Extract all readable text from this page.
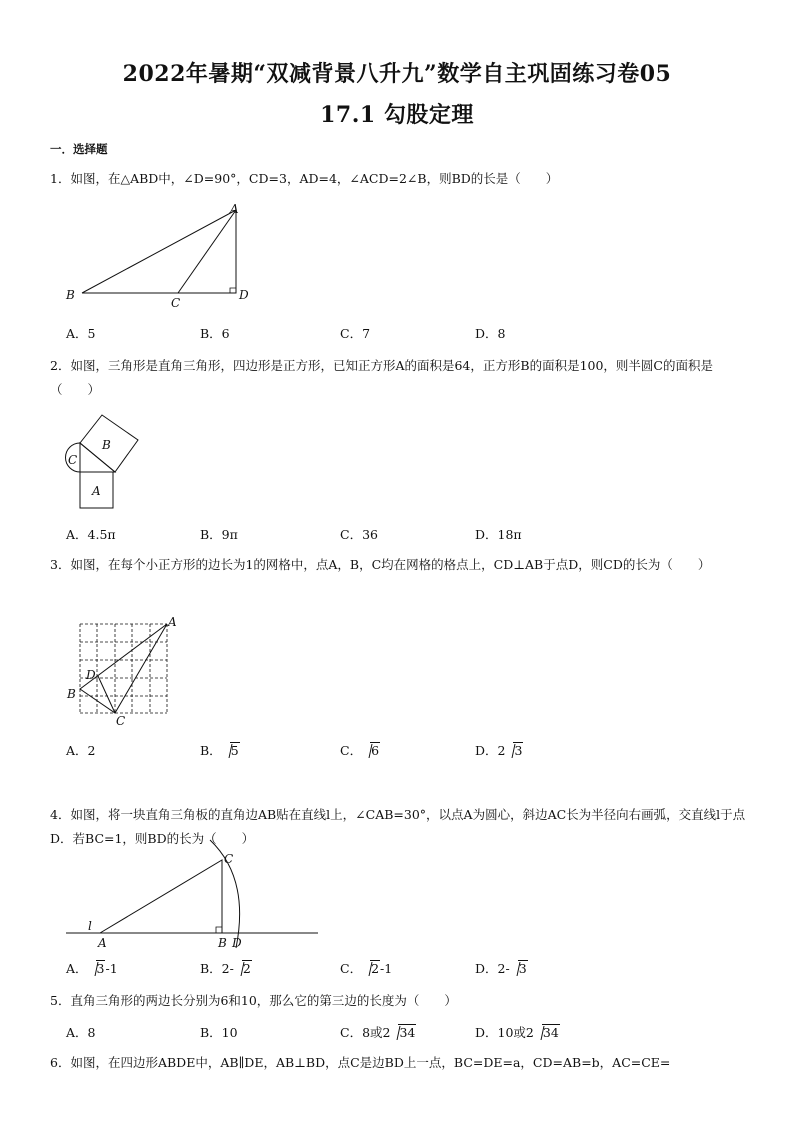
2022年暑期“双减背景八升九”数学自主巩固练习卷05
17.1 勾股定理
一．选择题
1．如图，在△ABD中，∠D=90°，CD=3，AD=4，∠ACD=2∠B，则BD的长是（　　）
A
B
C
D
A．5	B．6	C．7	D．8
2．如图，三角形是直角三角形，四边形是正方形，已知正方形A的面积是64，正方形B的面积是100，则半圆C的面积是（　　）
B
A
C
A．4.5π	B．9π	C．36	D．18π
3．如图，在每个小正方形的边长为1的网格中，点A，B，C均在网格的格点上，CD⊥AB于点D，则CD的长为（　　）
A
B
C
D
A．2	B． 5	C． 6	D．2 3
4．如图，将一块直角三角板的直角边AB贴在直线l上，∠CAB=30°，以点A为圆心，斜边AC长为半径向右画弧，交直线l于点D．若BC=1，则BD的长为（　　）
C
A	B D
l
A． 3-1	B．2- 2	C． 2-1	D．2- 3
5．直角三角形的两边长分别为6和10，那么它的第三边的长度为（　　）
A．8	B．10	C．8或2 34	D．10或2 34
6．如图，在四边形ABDE中，AB∥DE，AB⊥BD，点C是边BD上一点，BC=DE=a，CD=AB=b，AC=CE=
